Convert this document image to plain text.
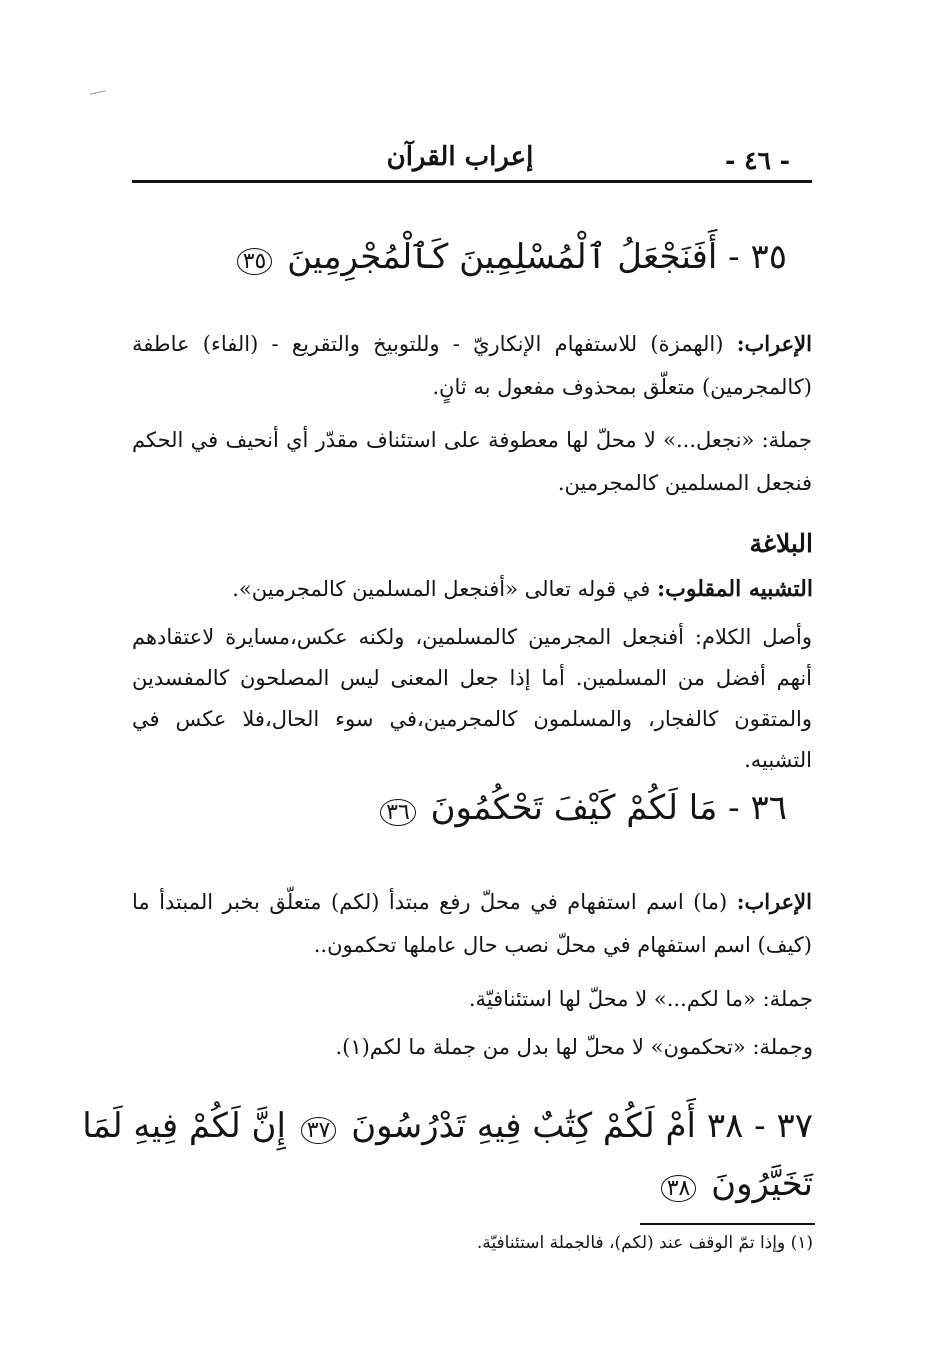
- ٤٦ -
إعراب القرآن
٣٥ - أَفَنَجْعَلُ ٱلْمُسْلِمِينَ كَٱلْمُجْرِمِينَ ٣٥
الإعراب: (الهمزة) للاستفهام الإنكاريّ - وللتوبيخ والتقريع - (الفاء) عاطفة (كالمجرمين) متعلّق بمحذوف مفعول به ثانٍ.
جملة: «نجعل...» لا محلّ لها معطوفة على استئناف مقدّر أي أنحيف في الحكم فنجعل المسلمين كالمجرمين.
البلاغة
التشبيه المقلوب: في قوله تعالى «أفنجعل المسلمين كالمجرمين».
وأصل الكلام: أفنجعل المجرمين كالمسلمين، ولكنه عكس،مسايرة لاعتقادهم أنهم أفضل من المسلمين. أما إذا جعل المعنى ليس المصلحون كالمفسدين والمتقون كالفجار، والمسلمون كالمجرمين،في سوء الحال،فلا عكس في التشبيه.
٣٦ - مَا لَكُمْ كَيْفَ تَحْكُمُونَ ٣٦
الإعراب: (ما) اسم استفهام في محلّ رفع مبتدأ (لكم) متعلّق بخبر المبتدأ ما (كيف) اسم استفهام في محلّ نصب حال عاملها تحكمون..
جملة: «ما لكم...» لا محلّ لها استئنافيّة.
وجملة: «تحكمون» لا محلّ لها بدل من جملة ما لكم(١).
٣٧ - ٣٨ أَمْ لَكُمْ كِتَٰبٌ فِيهِ تَدْرُسُونَ ٣٧ إِنَّ لَكُمْ فِيهِ لَمَا
تَخَيَّرُونَ ٣٨
(١) وإذا تمّ الوقف عند (لكم)، فالجملة استئنافيّة.
